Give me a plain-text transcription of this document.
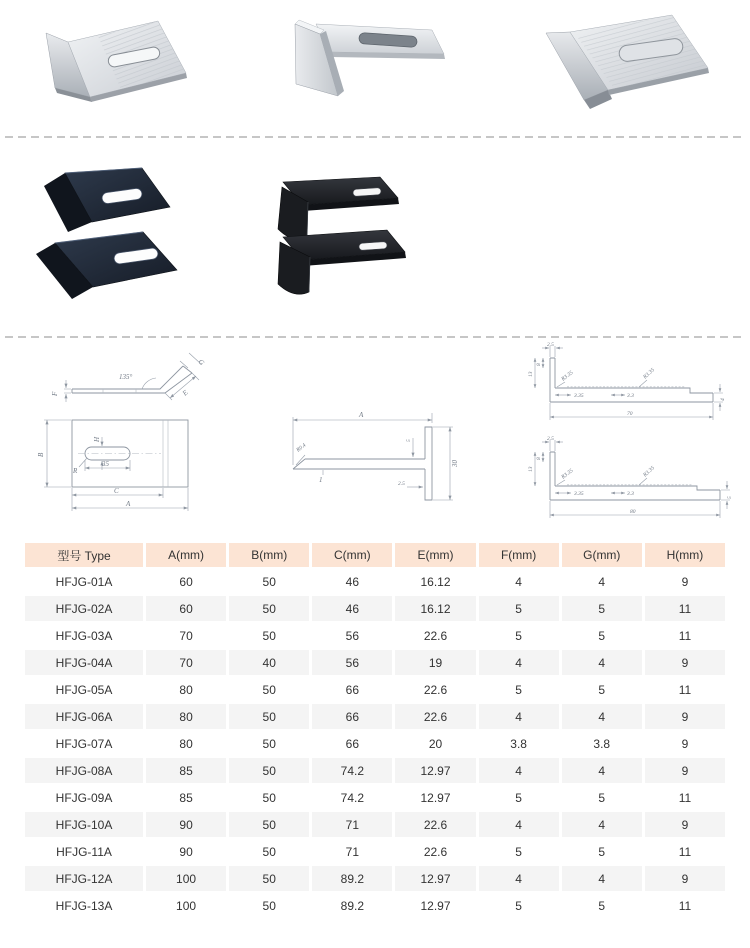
F
135°
G
E
H
35
R
B
C
A
R0.4
1
A
5
2.5
30
2.5
8
13	R3.35
3.35	3.3
R3.35
70
4
2.5
8
13	R3.35
3.35	3.3
R3.35
80
5
型号 Type	A(mm)	B(mm)	C(mm)	E(mm)	F(mm)	G(mm)	H(mm)
HFJG-01A	60	50	46	16.12	4	4	9
HFJG-02A	60	50	46	16.12	5	5	11
HFJG-03A	70	50	56	22.6	5	5	11
HFJG-04A	70	40	56	19	4	4	9
HFJG-05A	80	50	66	22.6	5	5	11
HFJG-06A	80	50	66	22.6	4	4	9
HFJG-07A	80	50	66	20	3.8	3.8	9
HFJG-08A	85	50	74.2	12.97	4	4	9
HFJG-09A	85	50	74.2	12.97	5	5	11
HFJG-10A	90	50	71	22.6	4	4	9
HFJG-11A	90	50	71	22.6	5	5	11
HFJG-12A	100	50	89.2	12.97	4	4	9
HFJG-13A	100	50	89.2	12.97	5	5	11
